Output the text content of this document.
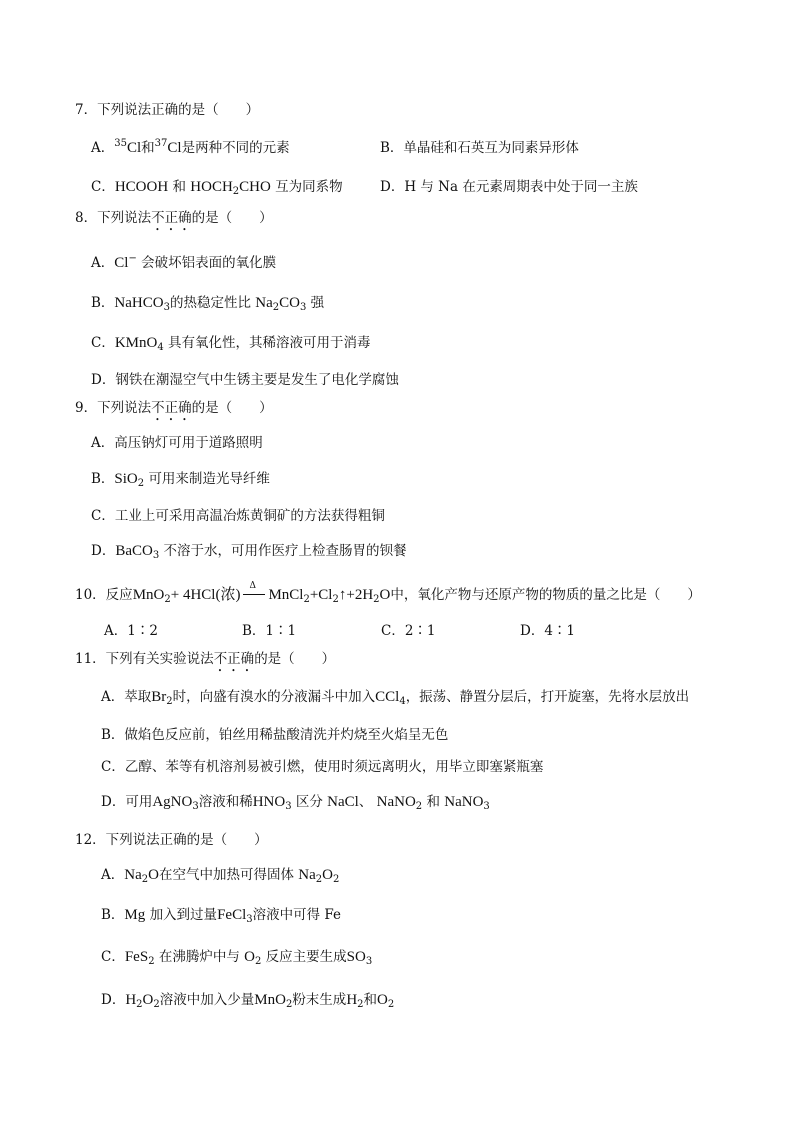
7．下列说法正确的是（　　）
A．$^{35}$Cl和$^{37}$Cl是两种不同的元素	B．单晶硅和石英互为同素异形体
C．HCOOH 和 $HOCH_2CHO$ 互为同系物	D．H 与 Na 在元素周期表中处于同一主族
8．下列说法不正确的是（　　）
A．Cl− 会破坏铝表面的氧化膜
B．NaHCO$_3$的热稳定性比 $Na_2CO_3$ 强
C．KMnO$_4$ 具有氧化性，其稀溶液可用于消毒
D．钢铁在潮湿空气中生锈主要是发生了电化学腐蚀
9．下列说法不正确的是（　　）
A．高压钠灯可用于道路照明
B．SiO$_2$ 可用来制造光导纤维
C．工业上可采用高温冶炼黄铜矿的方法获得粗铜
D．BaCO$_3$ 不溶于水，可用作医疗上检查肠胃的钡餐
10．反应MnO$_2$+ 4HCl(浓)
Δ
$MnCl_2+Cl_2↑+2H_2O$中，氧化产物与还原产物的物质的量之比是（　　）
A．1∶2	B．1∶1	C．2∶1	D．4∶1
11．下列有关实验说法不正确的是（　　）
A．萃取$Br_2$时，向盛有溴水的分液漏斗中加入CCl$_4$，振荡、静置分层后，打开旋塞，先将水层放出
B．做焰色反应前，铂丝用稀盐酸清洗并灼烧至火焰呈无色
C．乙醇、苯等有机溶剂易被引燃，使用时须远离明火，用毕立即塞紧瓶塞
D．可用AgNO$_3$溶液和稀$HNO_3$ 区分 NaCl、 NaNO$_2$ 和 NaNO$_3$
12．下列说法正确的是（　　）
A．$Na_2O$在空气中加热可得固体 $Na_2O_2$
B．Mg 加入到过量FeCl$_3$溶液中可得 Fe
C．FeS$_2$ 在沸腾炉中与 $O_2$ 反应主要生成$SO_3$
D．$H_2O_2$溶液中加入少量MnO$_2$粉末生成$H_2$和$O_2$
